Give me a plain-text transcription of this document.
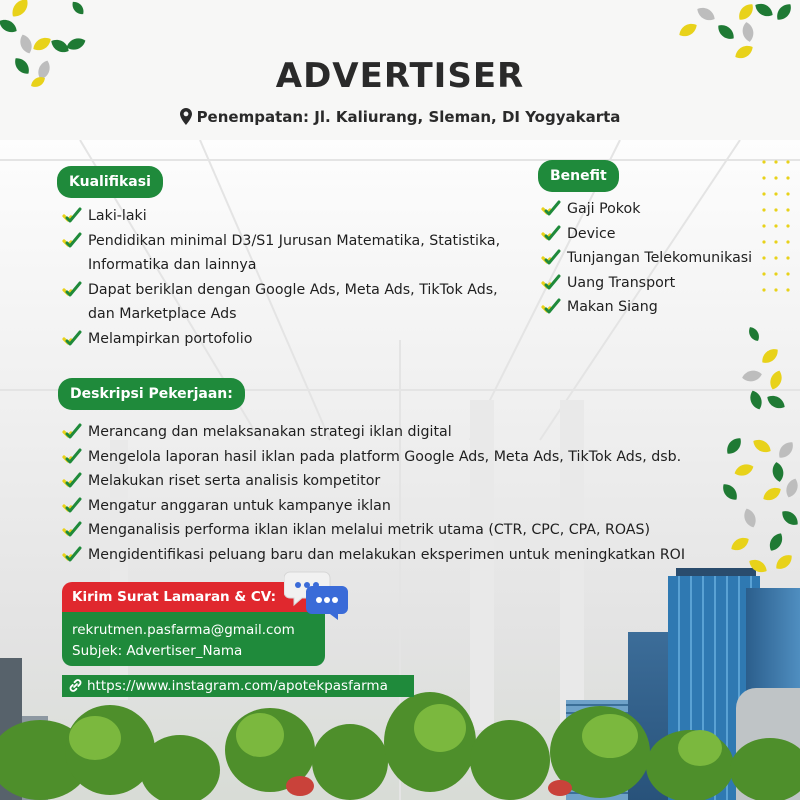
ADVERTISER
Penempatan: Jl. Kaliurang, Sleman, DI Yogyakarta
Kualifikasi
Laki-laki
Pendidikan minimal D3/S1 Jurusan Matematika, Statistika,
Informatika dan lainnya
Dapat beriklan dengan Google Ads, Meta Ads, TikTok Ads,
dan Marketplace Ads
Melampirkan portofolio
Benefit
Gaji Pokok
Device
Tunjangan Telekomunikasi
Uang Transport
Makan Siang
Deskripsi Pekerjaan:
Merancang dan melaksanakan strategi iklan digital
Mengelola laporan hasil iklan pada platform Google Ads, Meta Ads, TikTok Ads, dsb.
Melakukan riset serta analisis kompetitor
Mengatur anggaran untuk kampanye iklan
Menganalisis performa iklan iklan melalui metrik utama (CTR, CPC, CPA, ROAS)
Mengidentifikasi peluang baru dan melakukan eksperimen untuk meningkatkan ROI
Kirim Surat Lamaran & CV:
rekrutmen.pasfarma@gmail.com
Subjek: Advertiser_Nama
https://www.instagram.com/apotekpasfarma
